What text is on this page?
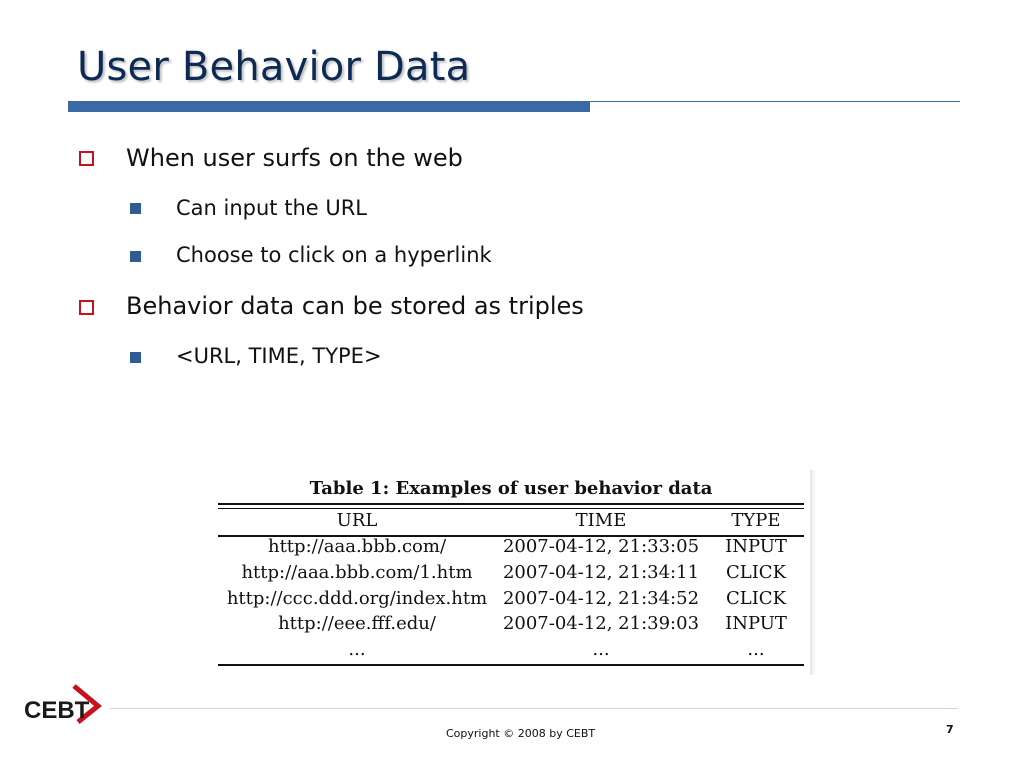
User Behavior Data
When user surfs on the web
Can input the URL
Choose to click on a hyperlink
Behavior data can be stored as triples
<URL, TIME, TYPE>
Table 1: Examples of user behavior data
URL	TIME	TYPE
http://aaa.bbb.com/	2007-04-12, 21:33:05	INPUT
http://aaa.bbb.com/1.htm	2007-04-12, 21:34:11	CLICK
http://ccc.ddd.org/index.htm 2007-04-12, 21:34:52	CLICK
http://eee.fff.edu/	2007-04-12, 21:39:03	INPUT
...	...	...
CEBT
Copyright © 2008 by CEBT	7
